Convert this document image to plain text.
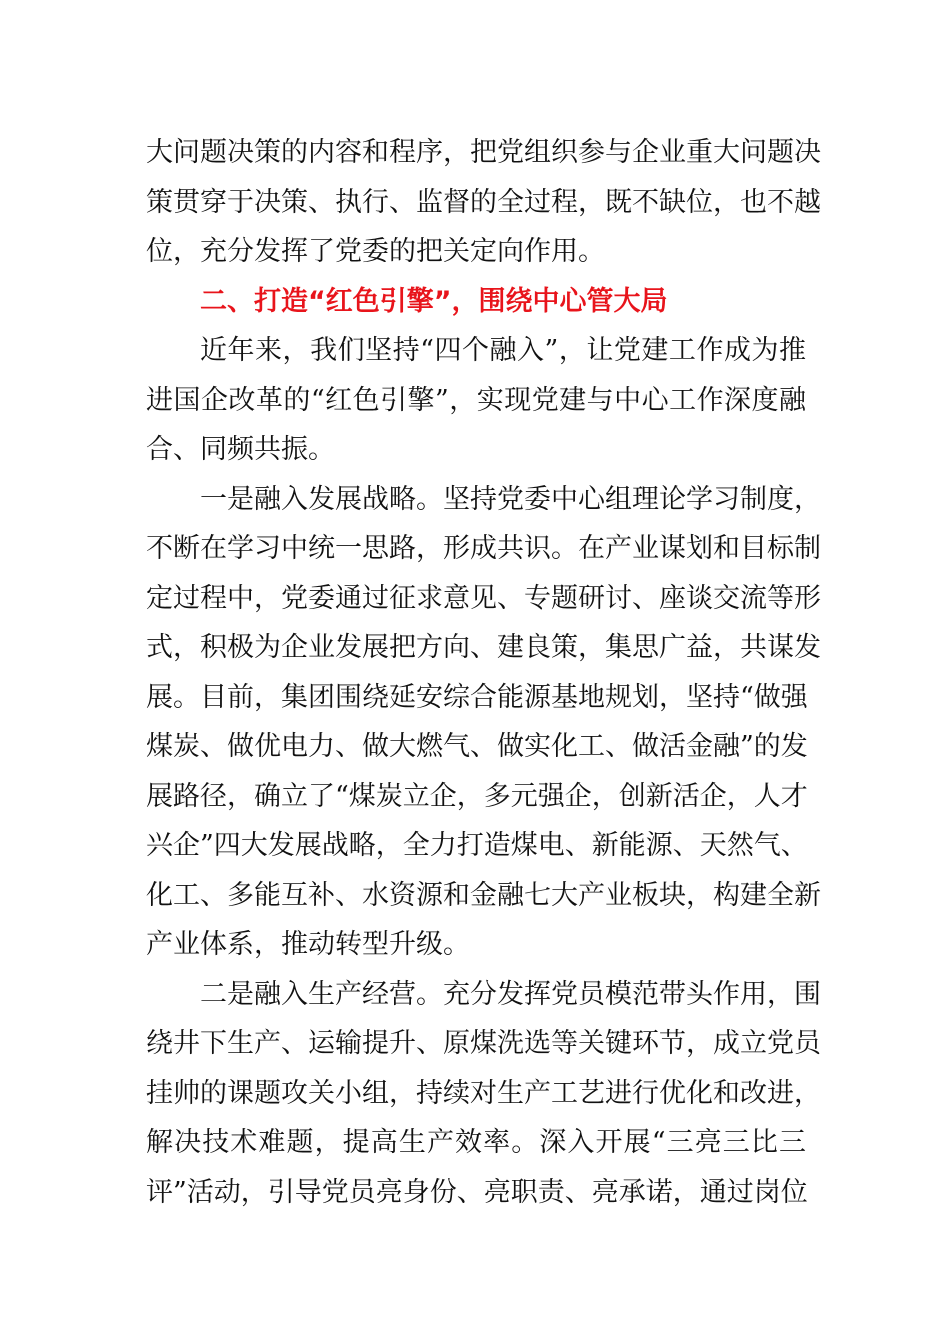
大问题决策的内容和程序，把党组织参与企业重大问题决
策贯穿于决策、执行、监督的全过程，既不缺位，也不越
位，充分发挥了党委的把关定向作用。
二、打造“红色引擎”，围绕中心管大局
近年来，我们坚持“四个融入”，让党建工作成为推
进国企改革的“红色引擎”，实现党建与中心工作深度融
合、同频共振。
一是融入发展战略。坚持党委中心组理论学习制度，
不断在学习中统一思路，形成共识。在产业谋划和目标制
定过程中，党委通过征求意见、专题研讨、座谈交流等形
式，积极为企业发展把方向、建良策，集思广益，共谋发
展。目前，集团围绕延安综合能源基地规划，坚持“做强
煤炭、做优电力、做大燃气、做实化工、做活金融”的发
展路径，确立了“煤炭立企，多元强企，创新活企，人才
兴企”四大发展战略，全力打造煤电、新能源、天然气、
化工、多能互补、水资源和金融七大产业板块，构建全新
产业体系，推动转型升级。
二是融入生产经营。充分发挥党员模范带头作用，围
绕井下生产、运输提升、原煤洗选等关键环节，成立党员
挂帅的课题攻关小组，持续对生产工艺进行优化和改进，
解决技术难题，提高生产效率。深入开展“三亮三比三
评”活动，引导党员亮身份、亮职责、亮承诺，通过岗位
